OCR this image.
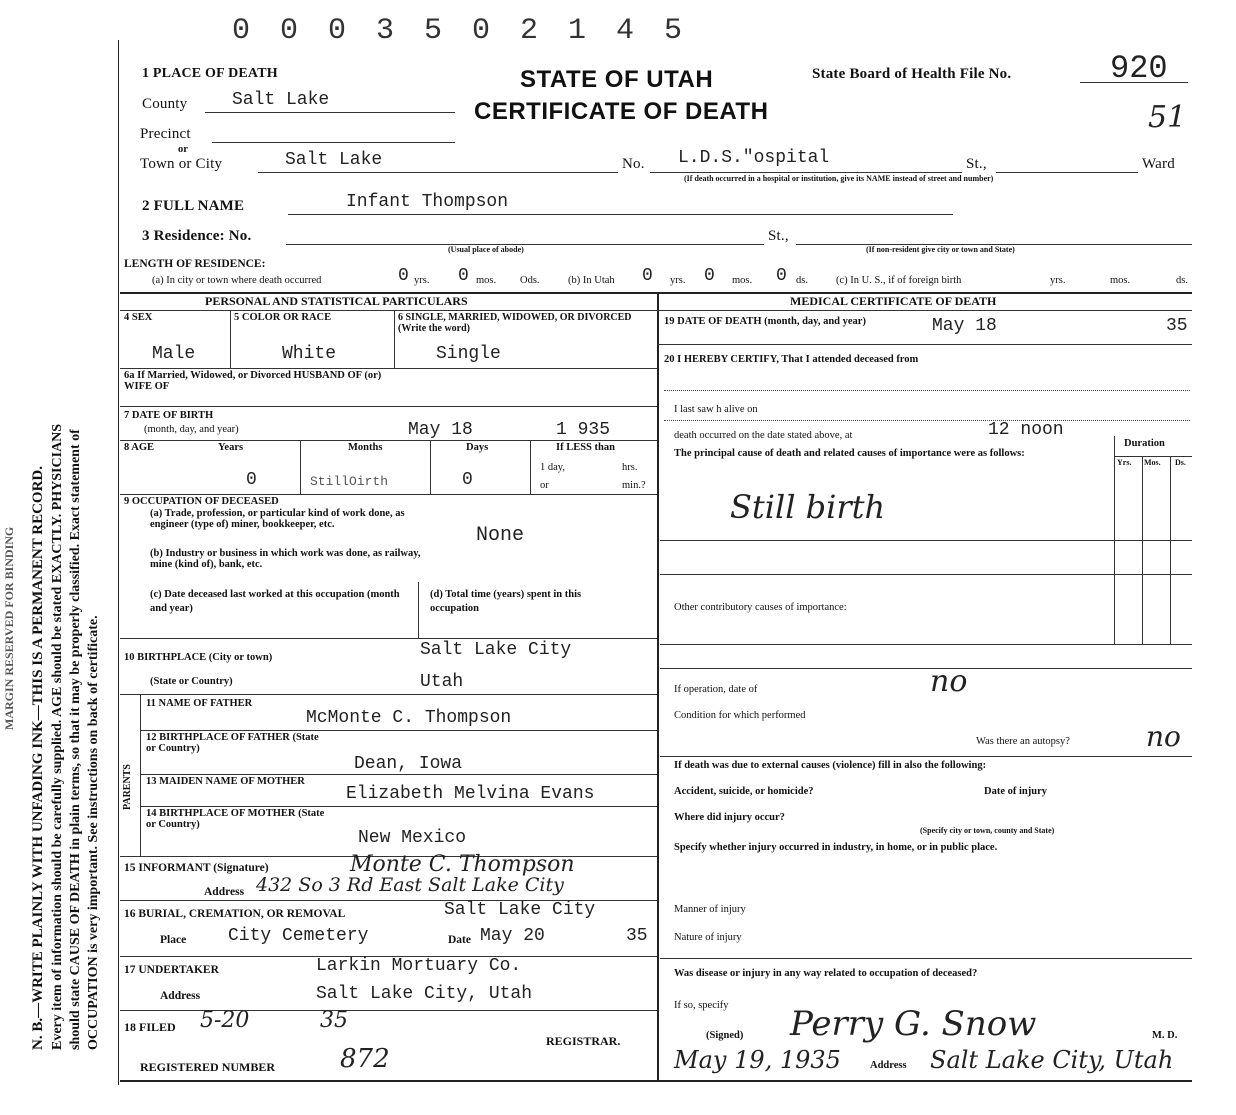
0 0 0 3 5 0 2 1 4 5
N. B.—WRITE PLAINLY WITH UNFADING INK—THIS IS A PERMANENT RECORD. Every item of information should be carefully supplied. AGE should be stated EXACTLY. PHYSICIANS should state CAUSE OF DEATH in plain terms, so that it may be properly classified. Exact statement of OCCUPATION is very important. See instructions on back of certificate.
MARGIN RESERVED FOR BINDING
1 PLACE OF DEATH	STATE OF UTAH
CERTIFICATE OF DEATH
State Board of Health File No.	920
51
County Salt Lake
Precinct
or
Town or City	Salt Lake	No. L.D.S."ospital	St.,	Ward
(If death occurred in a hospital or institution, give its NAME instead of street and number)
2 FULL NAME	Infant Thompson
3 Residence: No.	St.,
(Usual place of abode)	(If non-resident give city or town and State)
LENGTH OF RESIDENCE:
(a) In city or town where death occurred	0 yrs. 0 mos. Ods.	(b) In Utah 0 yrs. 0 mos. 0 ds.	(c) In U. S., if of foreign birth	yrs.	mos.	ds.
PERSONAL AND STATISTICAL PARTICULARS	MEDICAL CERTIFICATE OF DEATH
4 SEX	5 COLOR OR RACE	6 SINGLE, MARRIED, WIDOWED, OR DIVORCED (Write the word)
Male	White	Single
6a If Married, Widowed, or Divorced HUSBAND OF (or) WIFE OF
7 DATE OF BIRTH
(month, day, and year)	May 18	1 935
8 AGE	Years	Months	Days	If LESS than
1 day,	hrs.
or	min.?
0	StillOirth	0
9 OCCUPATION OF DECEASED
(a) Trade, profession, or particular kind of work done, as engineer (type of) miner, bookkeeper, etc.	None
(b) Industry or business in which work was done, as railway, mine (kind of), bank, etc.
(c) Date deceased last worked at this occupation (month and year)
(d) Total time (years) spent in this occupation
10 BIRTHPLACE (City or town)	Salt Lake City
(State or Country)	Utah
PARENTS
11 NAME OF FATHER
McMonte C. Thompson
12 BIRTHPLACE OF FATHER (State or Country)
Dean, Iowa
13 MAIDEN NAME OF MOTHER
Elizabeth Melvina Evans
14 BIRTHPLACE OF MOTHER (State or Country)
New Mexico
15 INFORMANT (Signature)	Monte C. Thompson
Address 432 So 3 Rd East Salt Lake City
16 BURIAL, CREMATION, OR REMOVAL	Salt Lake City
Place City Cemetery	Date May 20	35
17 UNDERTAKER	Larkin Mortuary Co.
Address	Salt Lake City, Utah
18 FILED 5-20	35
REGISTRAR.
REGISTERED NUMBER 872
19 DATE OF DEATH (month, day, and year)	May 18	35
20 I HEREBY CERTIFY, That I attended deceased from
I last saw h alive on
death occurred on the date stated above, at	12 noon
The principal cause of death and related causes of importance were as follows:
Still birth
Duration
Yrs. Mos. Ds.
Other contributory causes of importance:
If operation, date of	no
Condition for which performed
Was there an autopsy?	no
If death was due to external causes (violence) fill in also the following:
Accident, suicide, or homicide?	Date of injury
Where did injury occur?
(Specify city or town, county and State)
Specify whether injury occurred in industry, in home, or in public place.
Manner of injury
Nature of injury
Was disease or injury in any way related to occupation of deceased?
If so, specify
(Signed) Perry G. Snow	M. D.
May 19, 1935	Address Salt Lake City, Utah
